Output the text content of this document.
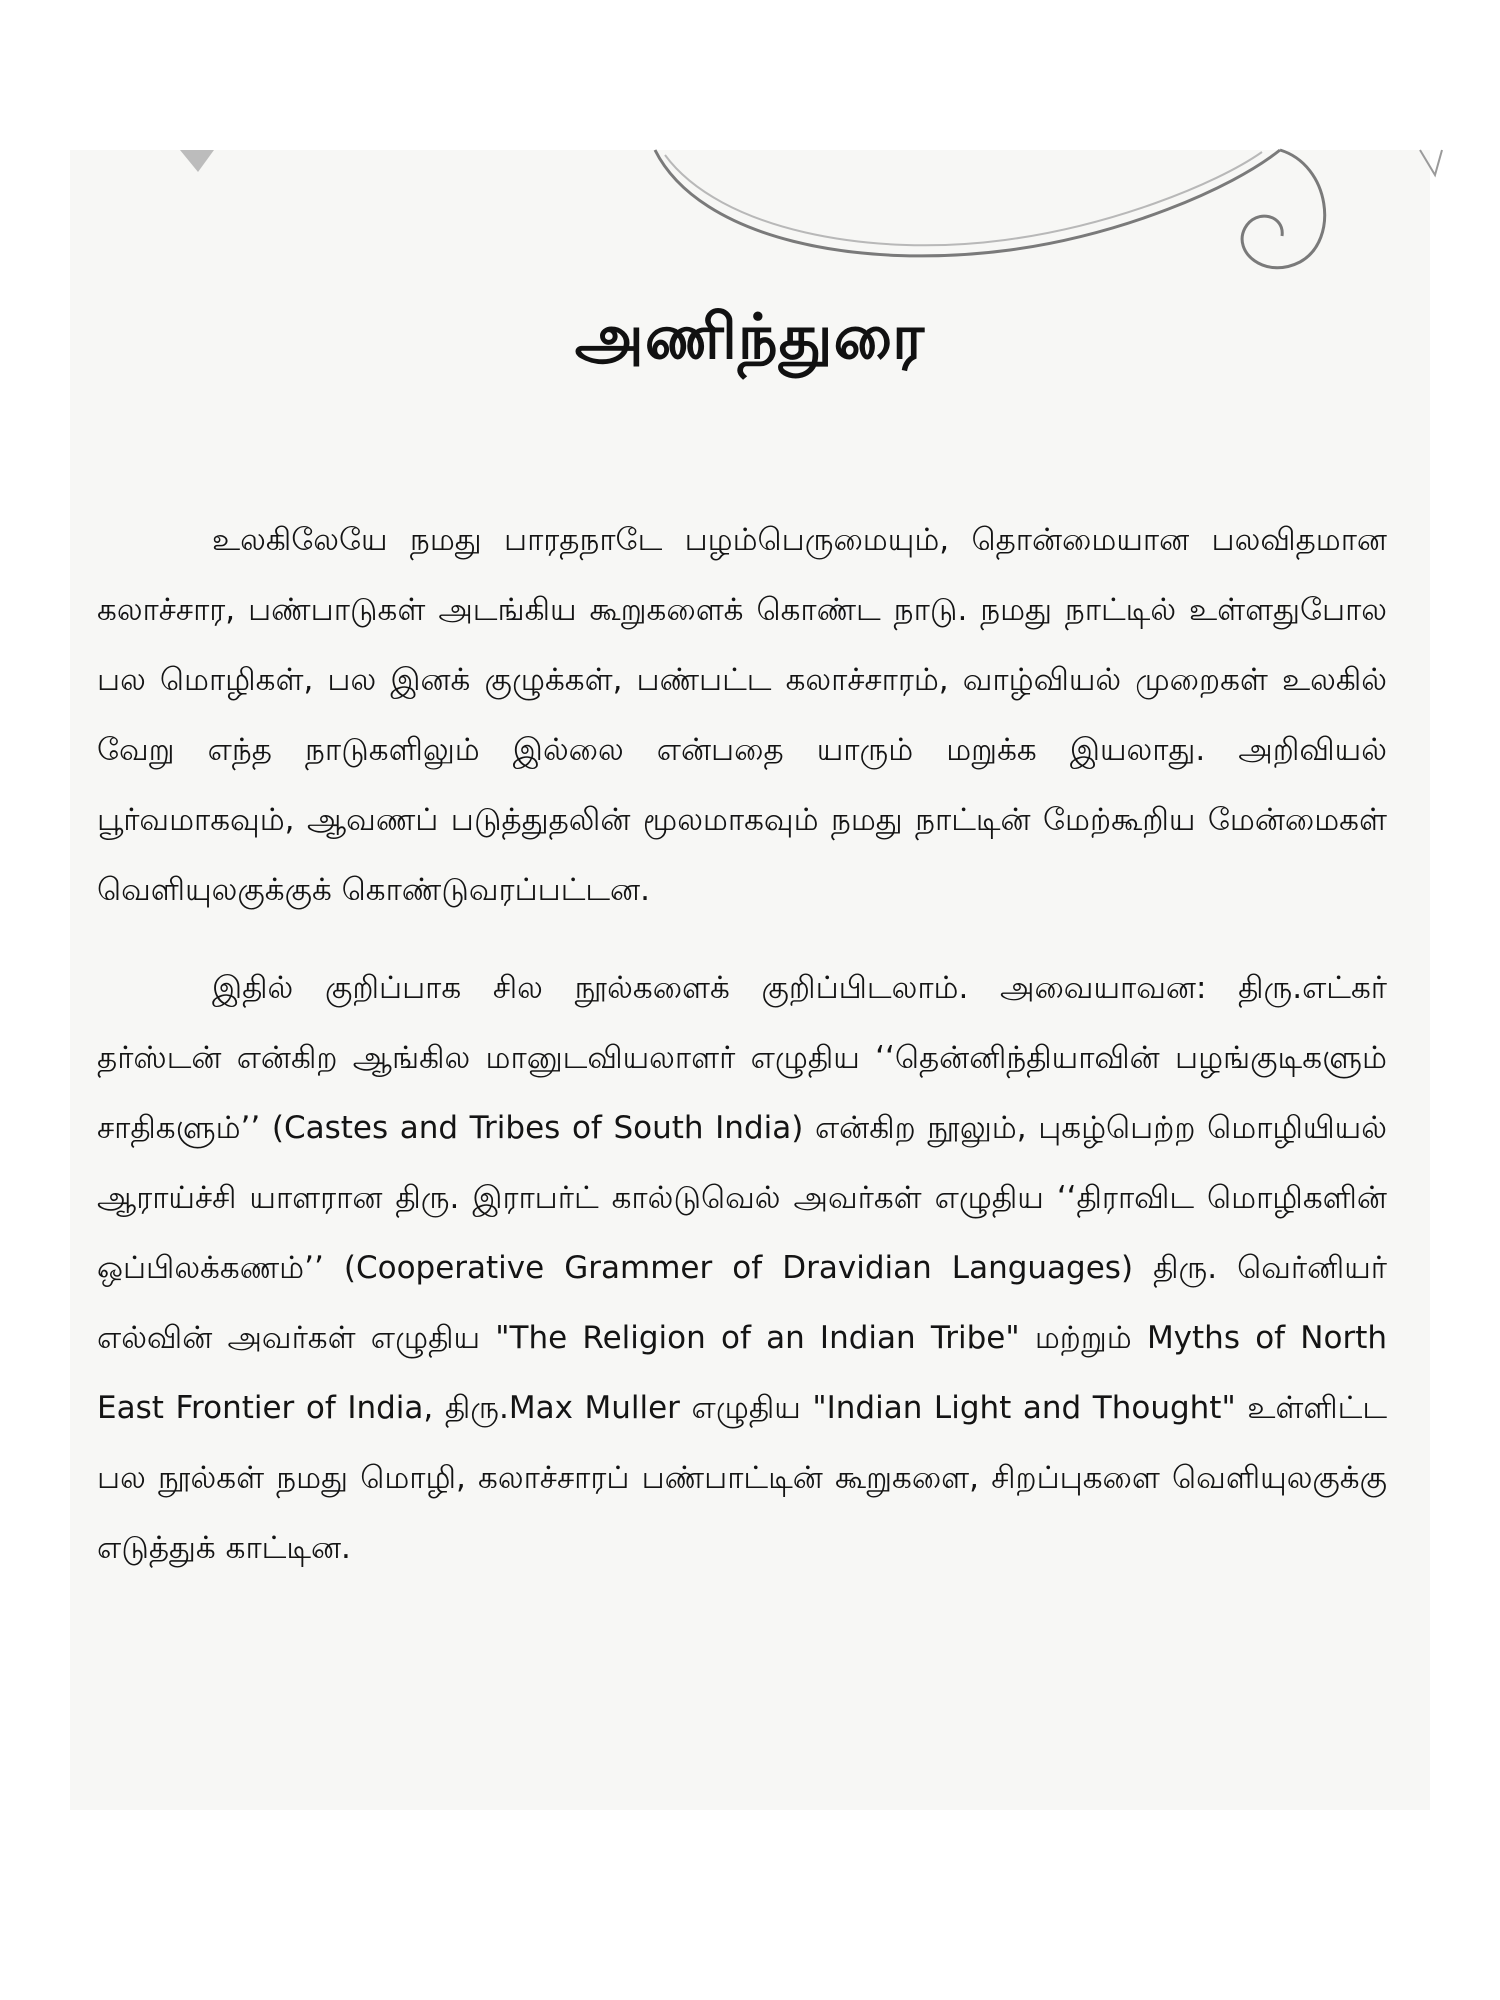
அணிந்துரை

உலகிலேயே நமது பாரதநாடே பழம்பெருமையும், தொன்மையான பலவிதமான கலாச்சார, பண்பாடுகள் அடங்கிய கூறுகளைக் கொண்ட நாடு. நமது நாட்டில் உள்ளதுபோல பல மொழிகள், பல இனக் குழுக்கள், பண்பட்ட கலாச்சாரம், வாழ்வியல் முறைகள் உலகில் வேறு எந்த நாடுகளிலும் இல்லை என்பதை யாரும் மறுக்க இயலாது. அறிவியல் பூர்வமாகவும், ஆவணப் படுத்துதலின் மூலமாகவும் நமது நாட்டின் மேற்கூறிய மேன்மைகள் வெளியுலகுக்குக் கொண்டுவரப்பட்டன.

இதில் குறிப்பாக சில நூல்களைக் குறிப்பிடலாம். அவையாவன: திரு.எட்கர் தர்ஸ்டன் என்கிற ஆங்கில மானுடவியலாளர் எழுதிய ‘‘தென்னிந்தியாவின் பழங்குடிகளும் சாதிகளும்’’ (Castes and Tribes of South India) என்கிற நூலும், புகழ்பெற்ற மொழியியல் ஆராய்ச்சி யாளரான திரு. இராபர்ட் கால்டுவெல் அவர்கள் எழுதிய ‘‘திராவிட மொழிகளின் ஒப்பிலக்கணம்’’ (Cooperative Grammer of Dravidian Languages) திரு. வெர்னியர் எல்வின் அவர்கள் எழுதிய "The Religion of an Indian Tribe" மற்றும் Myths of North East Frontier of India, திரு.Max Muller எழுதிய "Indian Light and Thought" உள்ளிட்ட பல நூல்கள் நமது மொழி, கலாச்சாரப் பண்பாட்டின் கூறுகளை, சிறப்புகளை வெளியுலகுக்கு எடுத்துக் காட்டின.
